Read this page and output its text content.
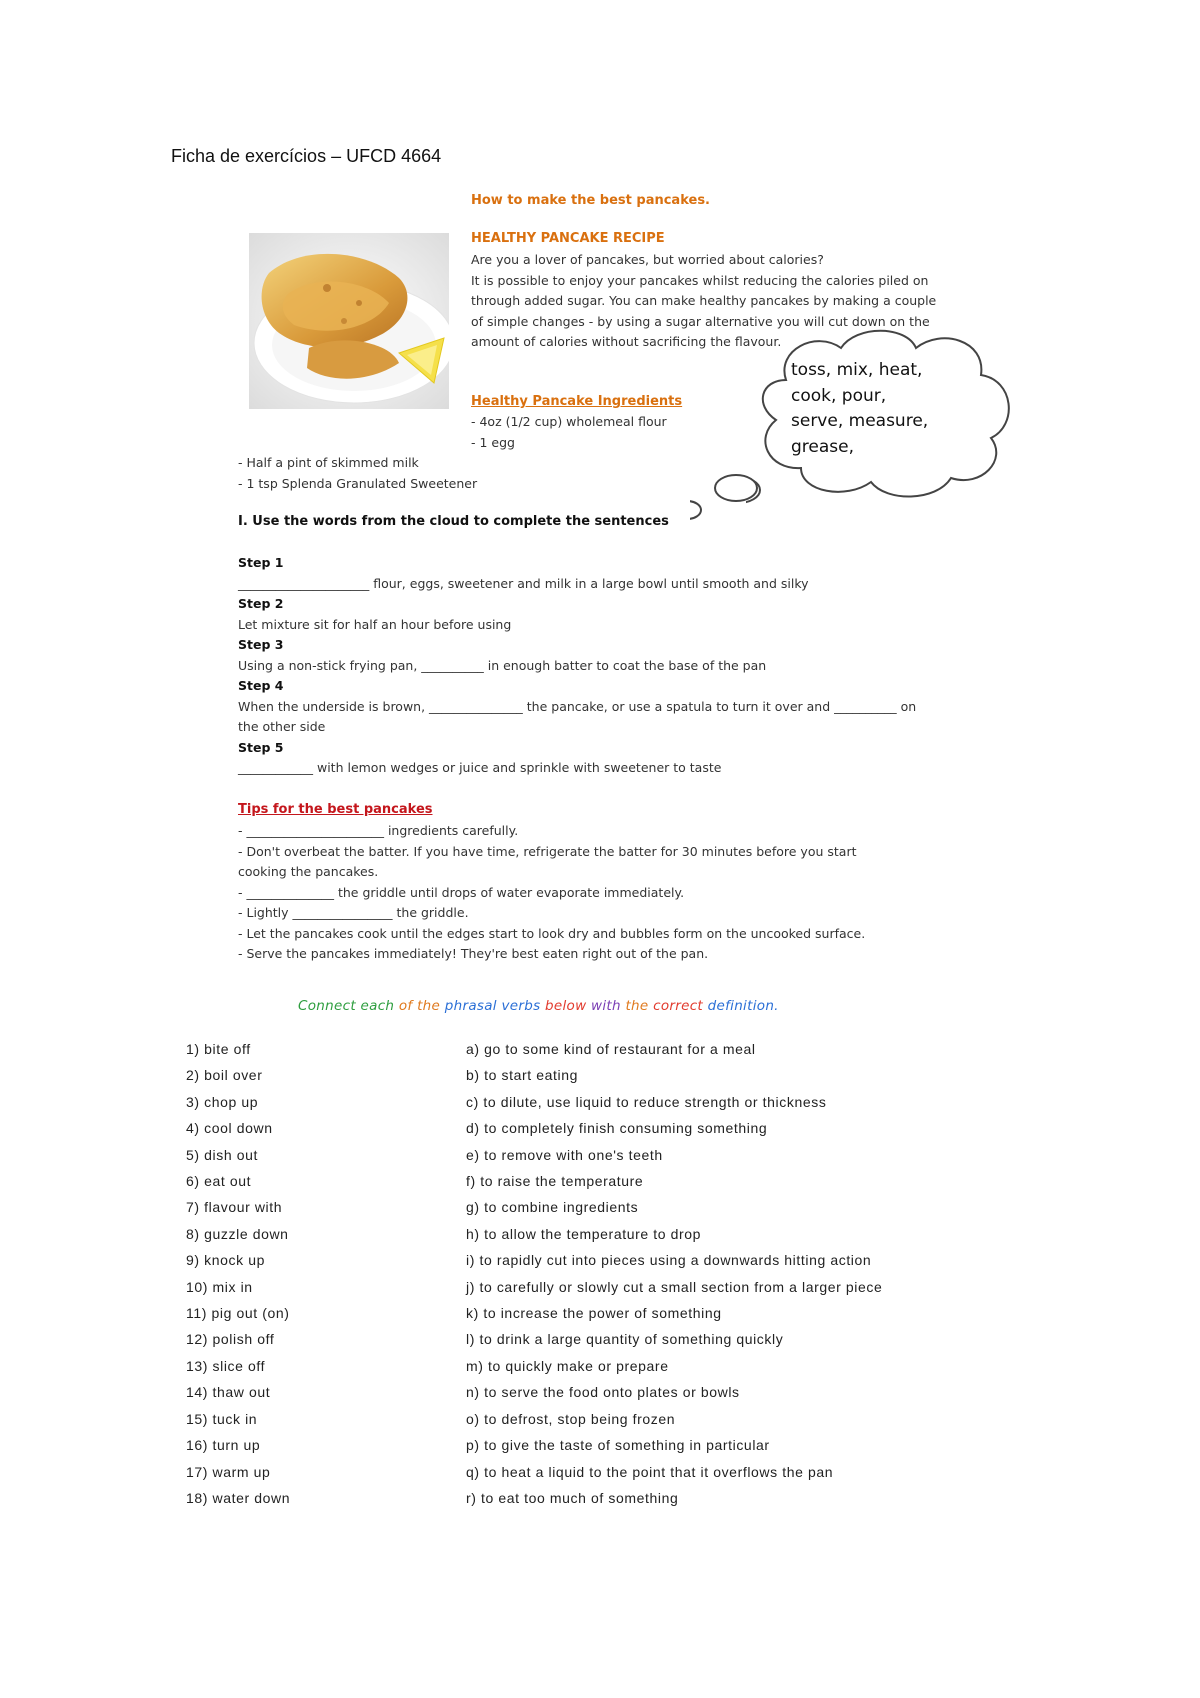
Ficha de exercícios – UFCD 4664
How to make the best pancakes.
HEALTHY PANCAKE RECIPE
Are you a lover of pancakes, but worried about calories?
It is possible to enjoy your pancakes whilst reducing the calories piled on
through added sugar. You can make healthy pancakes by making a couple
of simple changes - by using a sugar alternative you will cut down on the
amount of calories without sacrificing the flavour.
Healthy Pancake Ingredients
- 4oz (1/2 cup) wholemeal flour
- 1 egg
- Half a pint of skimmed milk
- 1 tsp Splenda Granulated Sweetener
toss, mix, heat,
cook, pour,
serve, measure,
grease,
I. Use the words from the cloud to complete the sentences
Step 1
_____________________ flour, eggs, sweetener and milk in a large bowl until smooth and silky
Step 2
Let mixture sit for half an hour before using
Step 3
Using a non-stick frying pan, __________ in enough batter to coat the base of the pan
Step 4
When the underside is brown, _______________ the pancake, or use a spatula to turn it over and __________ on
the other side
Step 5
____________ with lemon wedges or juice and sprinkle with sweetener to taste
Tips for the best pancakes
- ______________________ ingredients carefully.
- Don't overbeat the batter. If you have time, refrigerate the batter for 30 minutes before you start
cooking the pancakes.
- ______________ the griddle until drops of water evaporate immediately.
- Lightly ________________ the griddle.
- Let the pancakes cook until the edges start to look dry and bubbles form on the uncooked surface.
- Serve the pancakes immediately! They're best eaten right out of the pan.
Connect each of the phrasal verbs below with the correct definition.
1) bite off
2) boil over
3) chop up
4) cool down
5) dish out
6) eat out
7) flavour with
8) guzzle down
9) knock up
10) mix in
11) pig out (on)
12) polish off
13) slice off
14) thaw out
15) tuck in
16) turn up
17) warm up
18) water down
a) go to some kind of restaurant for a meal
b) to start eating
c) to dilute, use liquid to reduce strength or thickness
d) to completely finish consuming something
e) to remove with one's teeth
f) to raise the temperature
g) to combine ingredients
h) to allow the temperature to drop
i) to rapidly cut into pieces using a downwards hitting action
j) to carefully or slowly cut a small section from a larger piece
k) to increase the power of something
l) to drink a large quantity of something quickly
m) to quickly make or prepare
n) to serve the food onto plates or bowls
o) to defrost, stop being frozen
p) to give the taste of something in particular
q) to heat a liquid to the point that it overflows the pan
r) to eat too much of something
